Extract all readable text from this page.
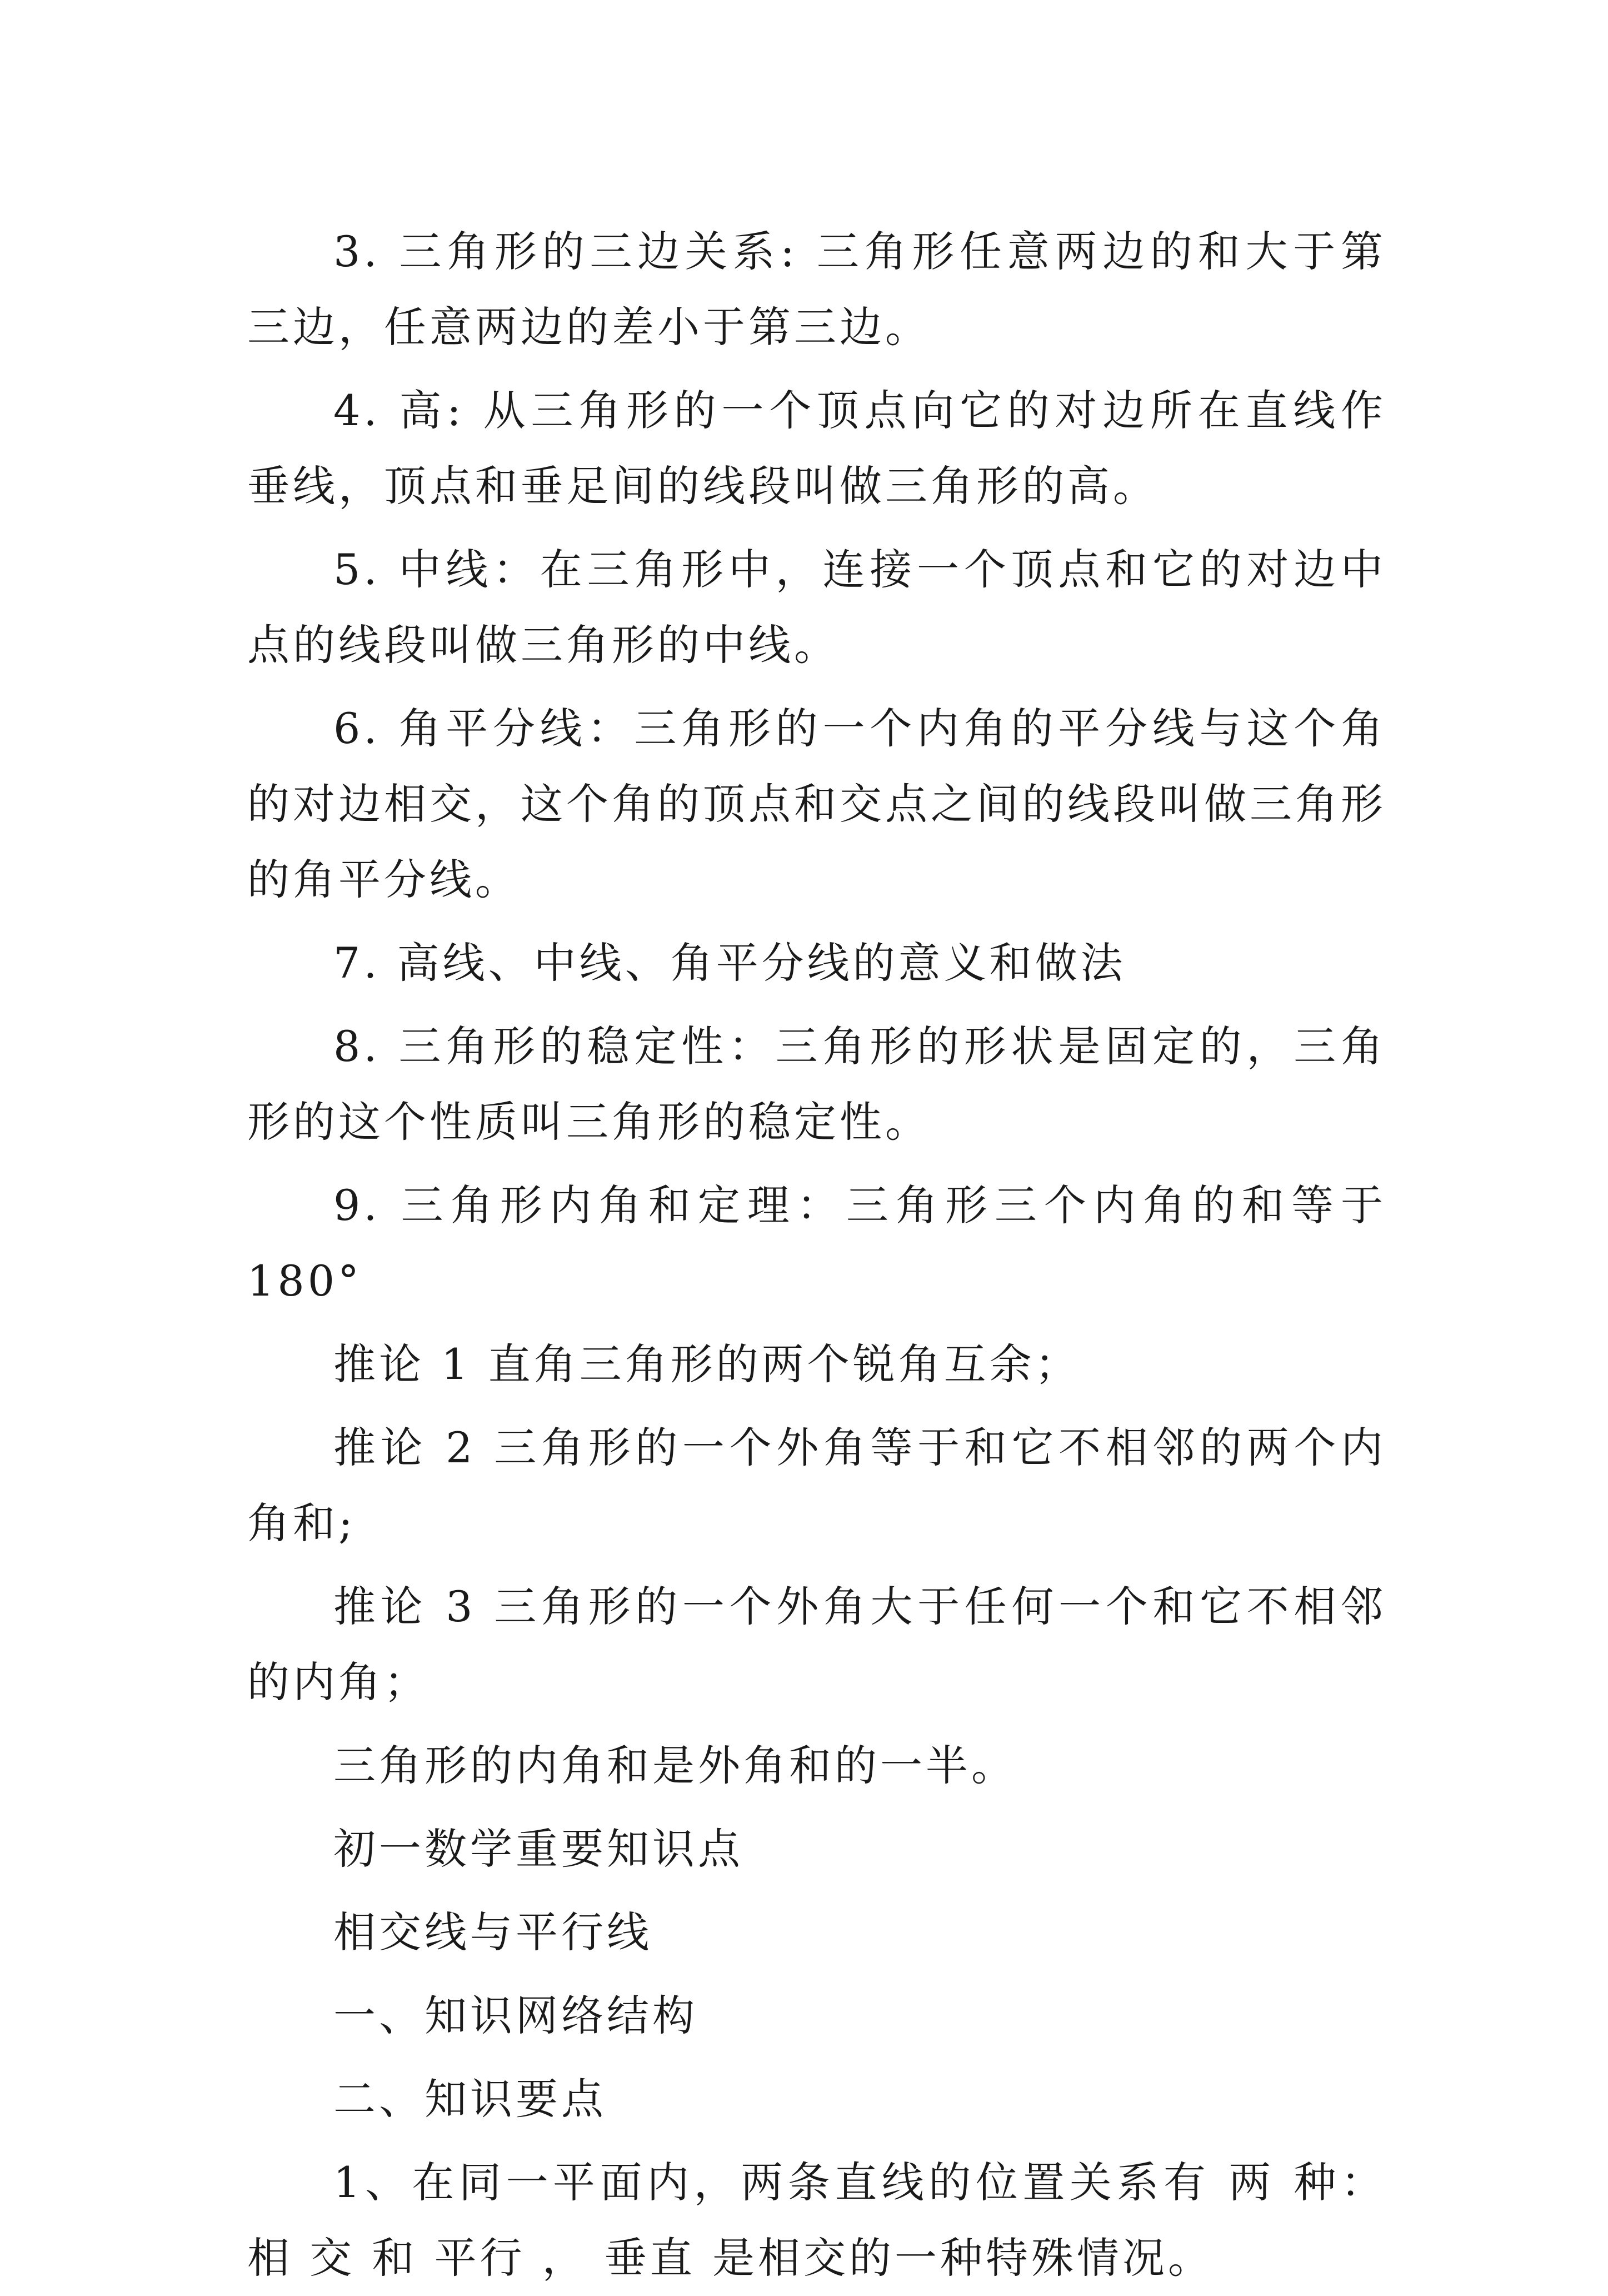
3. 三角形的三边关系: 三角形任意两边的和大于第三边，任意两边的差小于第三边。

4. 高: 从三角形的一个顶点向它的对边所在直线作垂线，顶点和垂足间的线段叫做三角形的高。

5. 中线：在三角形中，连接一个顶点和它的对边中点的线段叫做三角形的中线。

6. 角平分线：三角形的一个内角的平分线与这个角的对边相交，这个角的顶点和交点之间的线段叫做三角形的角平分线。

7. 高线、中线、角平分线的意义和做法

8. 三角形的稳定性：三角形的形状是固定的，三角形的这个性质叫三角形的稳定性。

9. 三角形内角和定理：三角形三个内角的和等于 180°

推论 1 直角三角形的两个锐角互余；

推论 2 三角形的一个外角等于和它不相邻的两个内角和;

推论 3 三角形的一个外角大于任何一个和它不相邻的内角；

三角形的内角和是外角和的一半。

初一数学重要知识点

相交线与平行线

一、知识网络结构

二、知识要点

1、在同一平面内，两条直线的位置关系有 两 种： 相 交 和 平行 ， 垂直 是相交的一种特殊情况。
